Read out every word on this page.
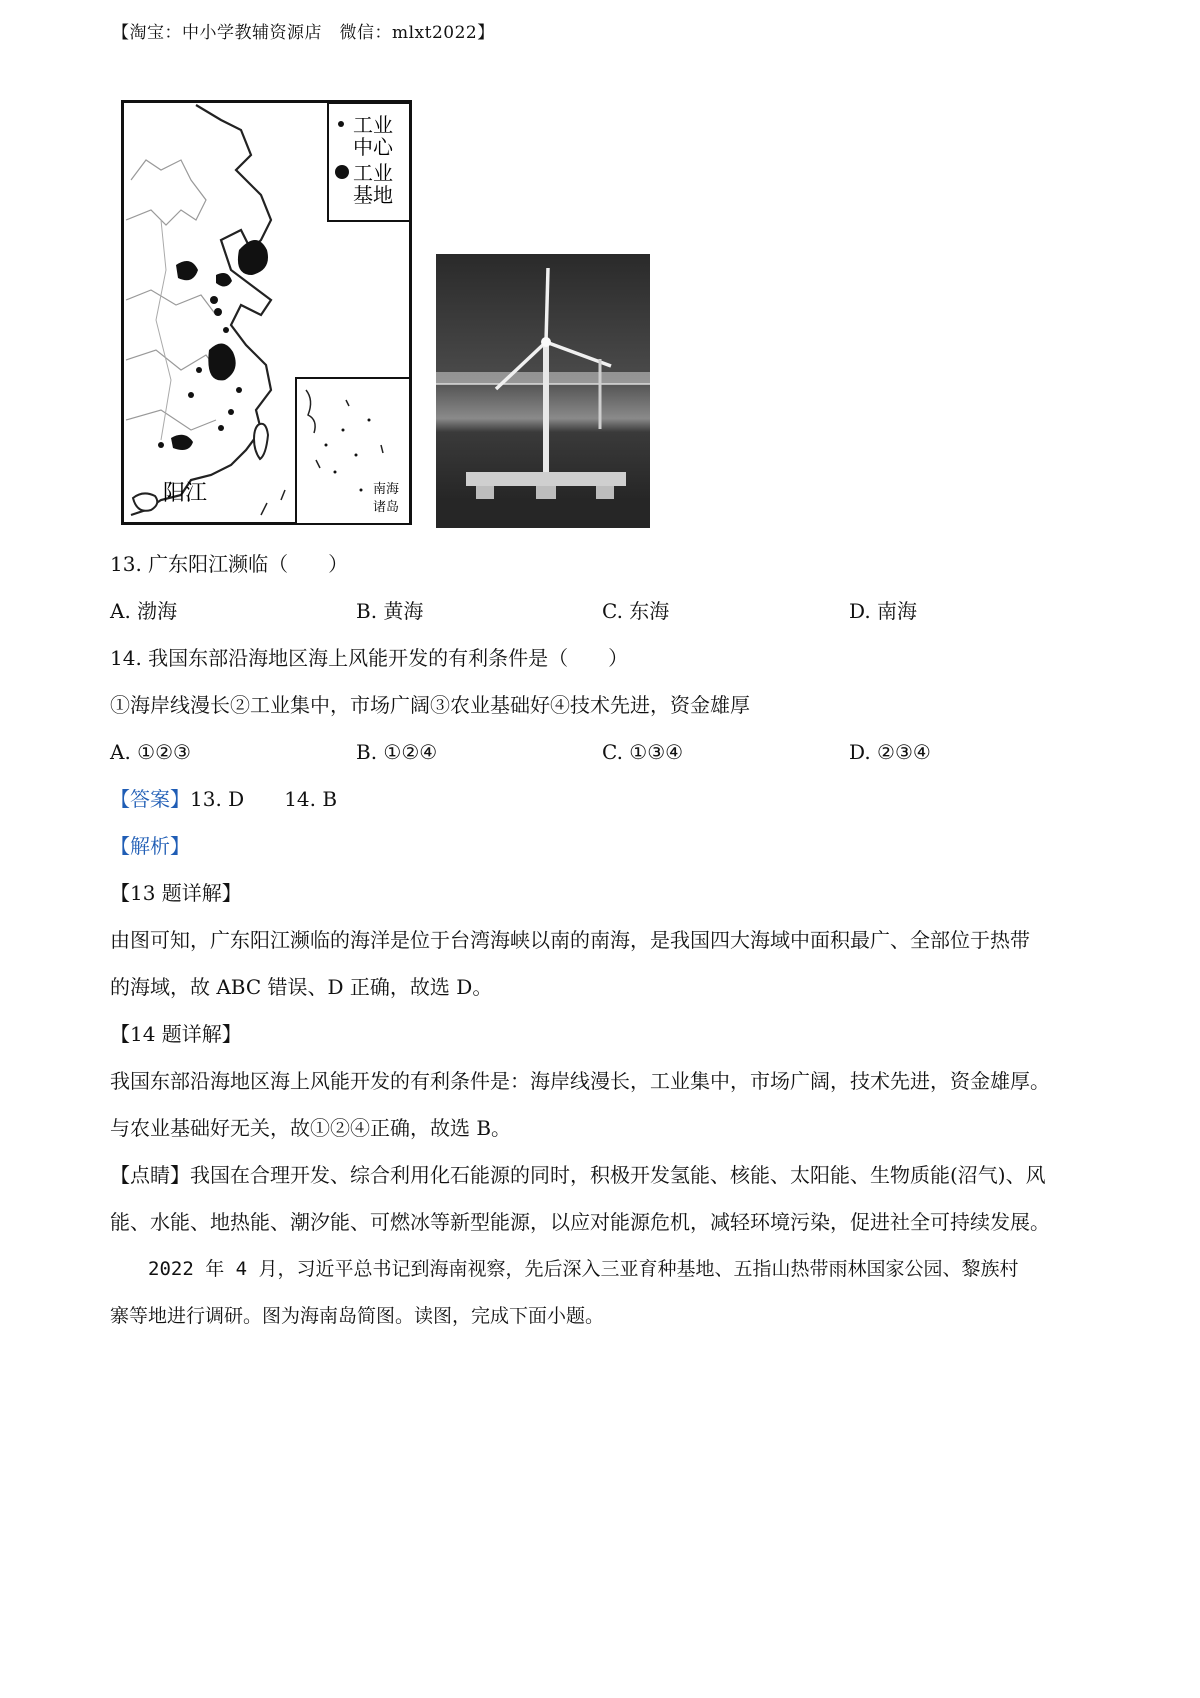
【淘宝：中小学教辅资源店　微信：mlxt2022】
工业
中心
工业
基地
阳江	南海
诸岛
13. 广东阳江濒临（　　）
A. 渤海	B. 黄海	C. 东海	D. 南海
14. 我国东部沿海地区海上风能开发的有利条件是（　　）
①海岸线漫长②工业集中，市场广阔③农业基础好④技术先进，资金雄厚
A. ①②③	B. ①②④	C. ①③④	D. ②③④
【答案】13. D　　14. B
【解析】
【13 题详解】
由图可知，广东阳江濒临的海洋是位于台湾海峡以南的南海，是我国四大海域中面积最广、全部位于热带
的海域，故 ABC 错误、D 正确，故选 D。
【14 题详解】
我国东部沿海地区海上风能开发的有利条件是：海岸线漫长，工业集中，市场广阔，技术先进，资金雄厚。
与农业基础好无关，故①②④正确，故选 B。
【点睛】我国在合理开发、综合利用化石能源的同时，积极开发氢能、核能、太阳能、生物质能(沼气)、风
能、水能、地热能、潮汐能、可燃冰等新型能源，以应对能源危机，减轻环境污染，促进社全可持续发展。
2022 年 4 月，习近平总书记到海南视察，先后深入三亚育种基地、五指山热带雨林国家公园、黎族村
寨等地进行调研。图为海南岛简图。读图，完成下面小题。
